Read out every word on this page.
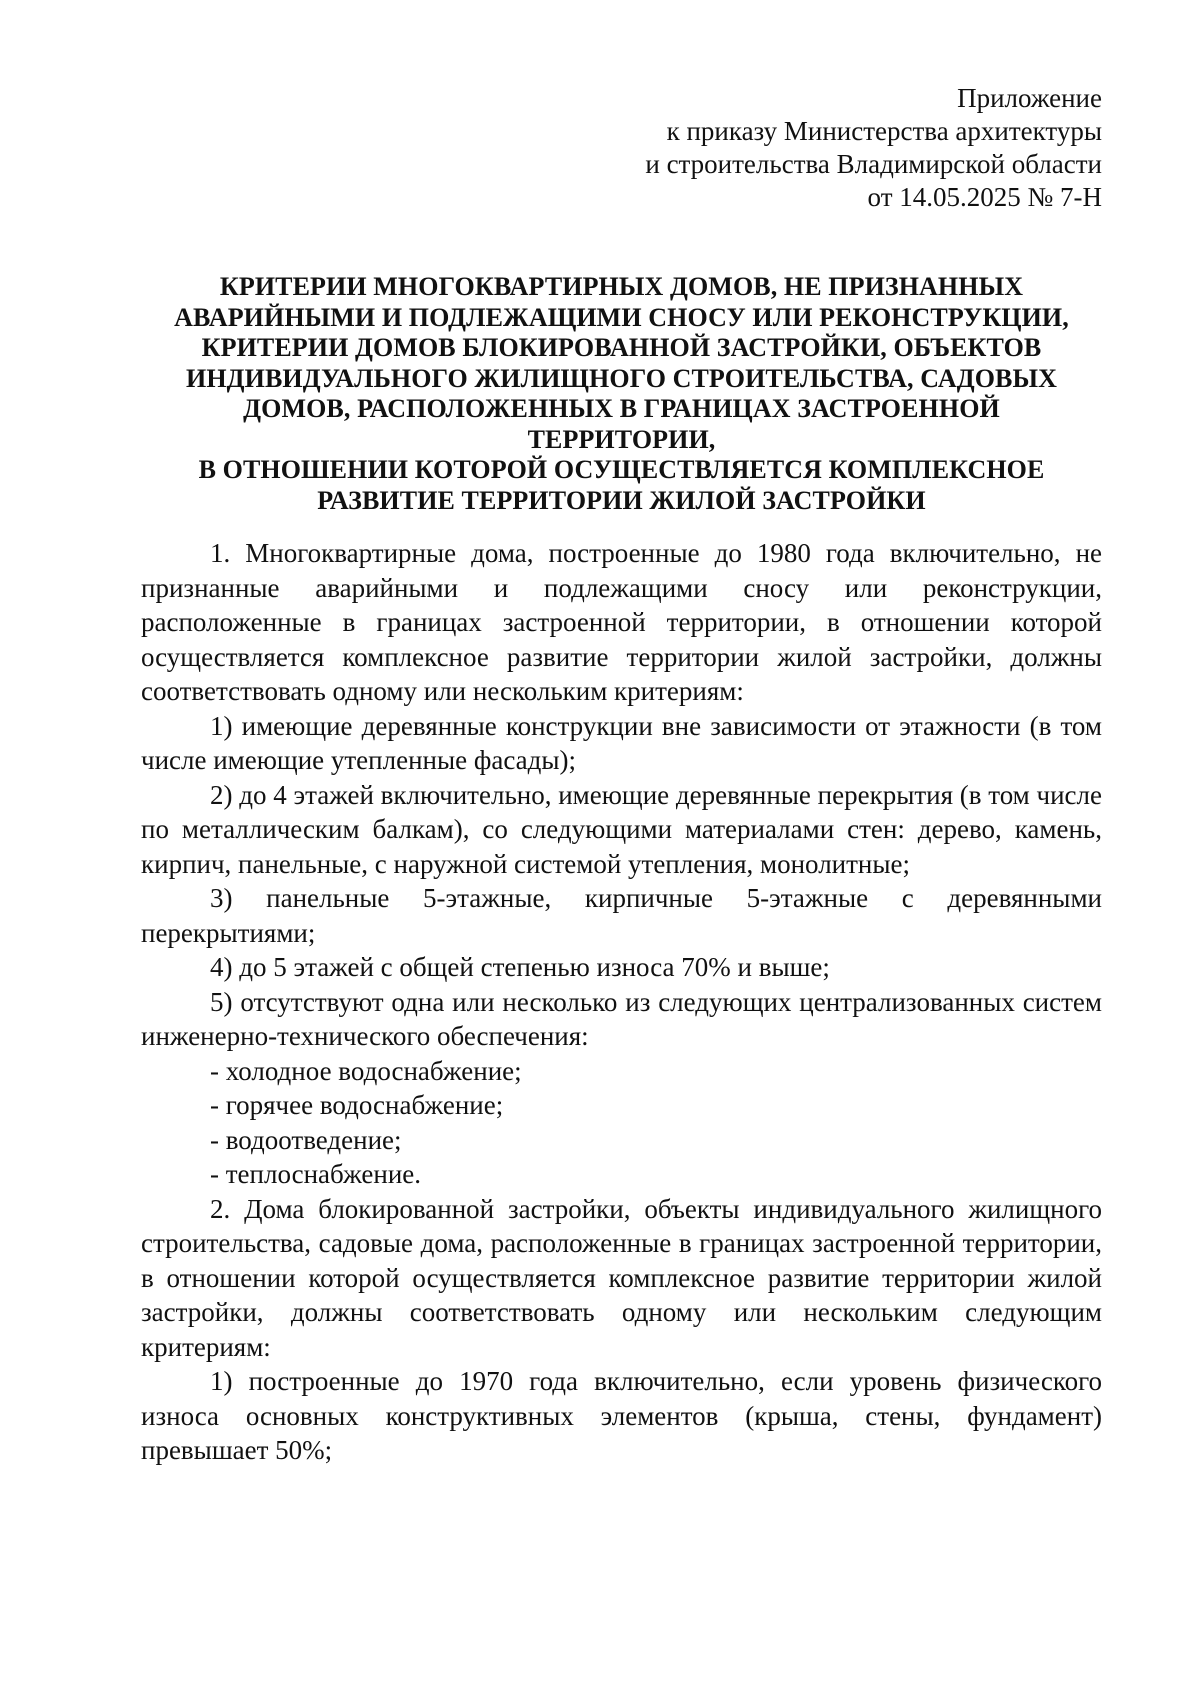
Приложение
к приказу Министерства архитектуры
и строительства Владимирской области
от 14.05.2025 № 7-Н
КРИТЕРИИ МНОГОКВАРТИРНЫХ ДОМОВ, НЕ ПРИЗНАННЫХ
АВАРИЙНЫМИ И ПОДЛЕЖАЩИМИ СНОСУ ИЛИ РЕКОНСТРУКЦИИ,
КРИТЕРИИ ДОМОВ БЛОКИРОВАННОЙ ЗАСТРОЙКИ, ОБЪЕКТОВ
ИНДИВИДУАЛЬНОГО ЖИЛИЩНОГО СТРОИТЕЛЬСТВА, САДОВЫХ
ДОМОВ, РАСПОЛОЖЕННЫХ В ГРАНИЦАХ ЗАСТРОЕННОЙ
ТЕРРИТОРИИ,
В ОТНОШЕНИИ КОТОРОЙ ОСУЩЕСТВЛЯЕТСЯ КОМПЛЕКСНОЕ
РАЗВИТИЕ ТЕРРИТОРИИ ЖИЛОЙ ЗАСТРОЙКИ

1. Многоквартирные дома, построенные до 1980 года включительно, не признанные аварийными и подлежащими сносу или реконструкции, расположенные в границах застроенной территории, в отношении которой осуществляется комплексное развитие территории жилой застройки, должны соответствовать одному или нескольким критериям:

1) имеющие деревянные конструкции вне зависимости от этажности (в том числе имеющие утепленные фасады);

2) до 4 этажей включительно, имеющие деревянные перекрытия (в том числе по металлическим балкам), со следующими материалами стен: дерево, камень, кирпич, панельные, с наружной системой утепления, монолитные;

3) панельные 5-этажные, кирпичные 5-этажные с деревянными перекрытиями;

4) до 5 этажей с общей степенью износа 70% и выше;

5) отсутствуют одна или несколько из следующих централизованных систем инженерно-технического обеспечения:

- холодное водоснабжение;

- горячее водоснабжение;

- водоотведение;

- теплоснабжение.

2. Дома блокированной застройки, объекты индивидуального жилищного строительства, садовые дома, расположенные в границах застроенной территории, в отношении которой осуществляется комплексное развитие территории жилой застройки, должны соответствовать одному или нескольким следующим критериям:

1) построенные до 1970 года включительно, если уровень физического износа основных конструктивных элементов (крыша, стены, фундамент) превышает 50%;
